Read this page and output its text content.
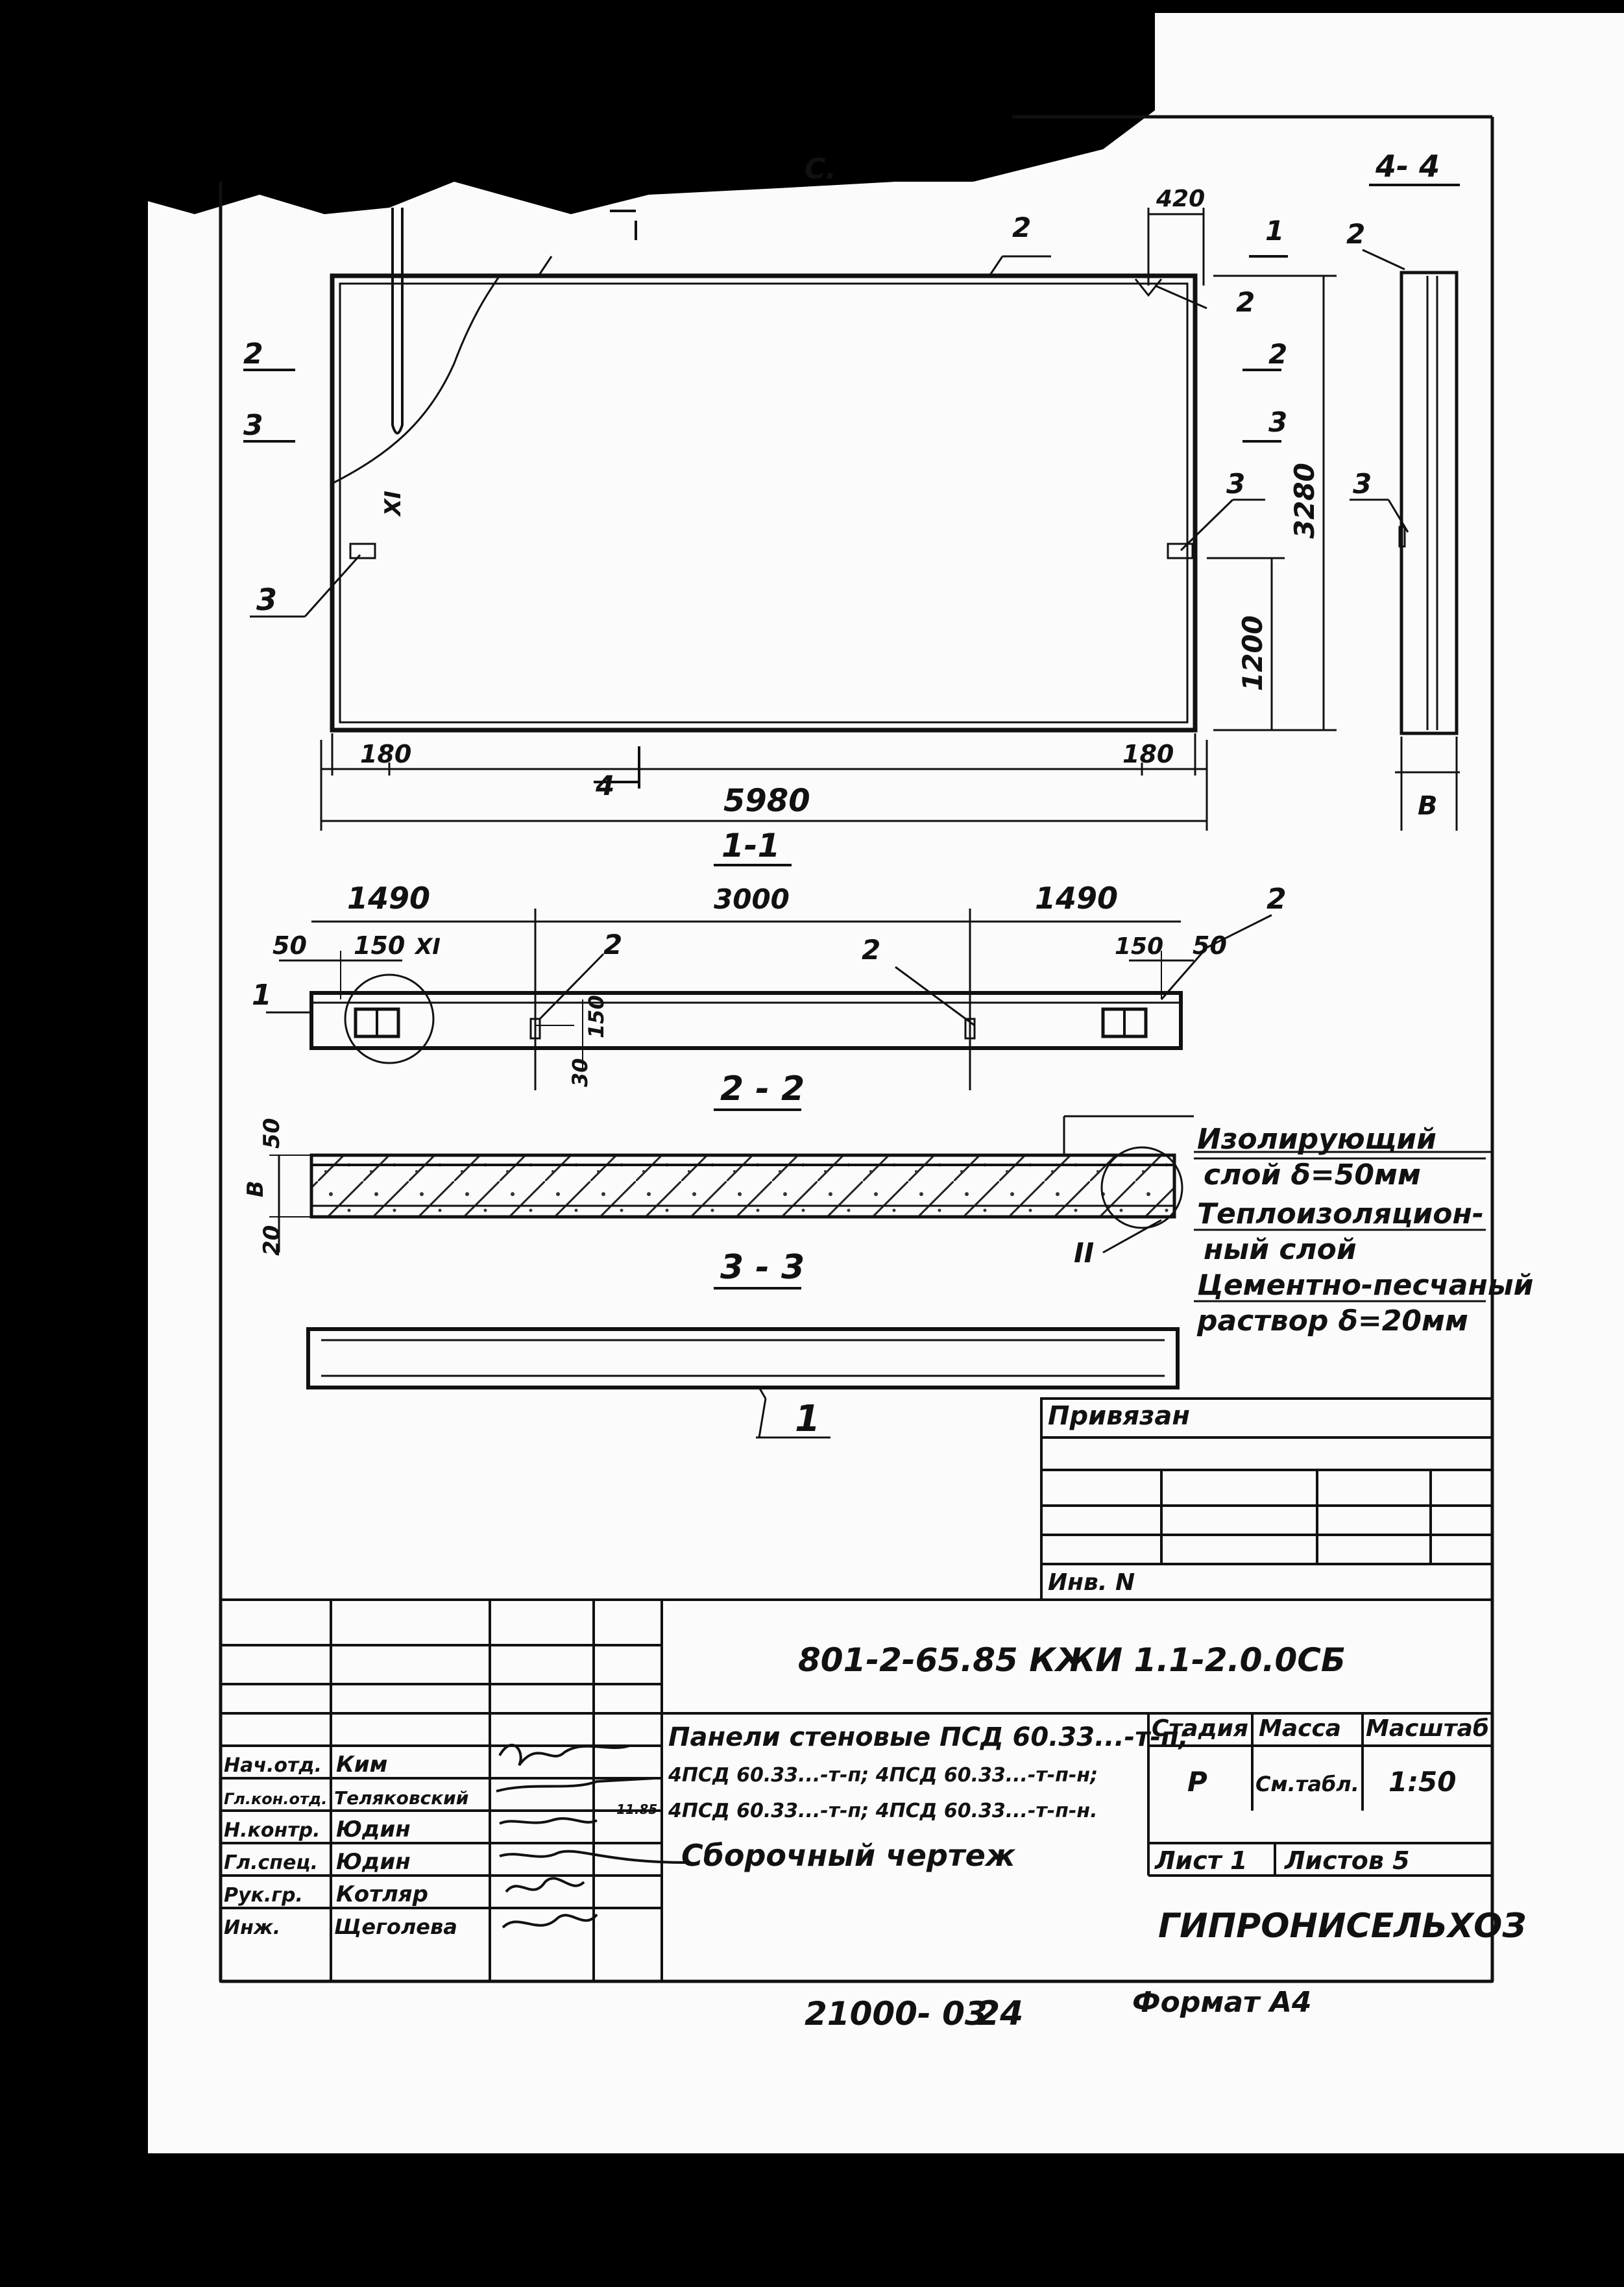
C.	4- 4
420
3280
1200
180	180
5980
2
2
2
3
3	3
XI
1
2
3
2
3
4
B
1-1
1490	3000	1490
50 150 XI	150 50
2
2	2
1	150
30	2 - 2
50
B
20	II
3 - 3
Изолирующий
слой δ=50мм
Теплоизоляцион-
ный слой
Цементно-песчаный
раствор δ=20мм
1	Привязан
Инв. N
801-2-65.85 КЖИ 1.1-2.0.0СБ
Панели стеновые ПСД 60.33...-т-п;
4ПСД 60.33...-т-п; 4ПСД 60.33...-т-п-н;
4ПСД 60.33...-т-п; 4ПСД 60.33...-т-п-н.
Сборочный чертеж
Стадия Масса Масштаб
Р См.табл. 1:50
Лист 1 Листов 5
ГИПРОНИСЕЛЬХОЗ
Нач.отд. Ким
Гл.кон.отд. Теляковский
Н.контр. Юдин
Гл.спец. Юдин
Рук.гр. Котляр
Инж.	Щеголева
11.85
21000- 03
24	Формат А4
